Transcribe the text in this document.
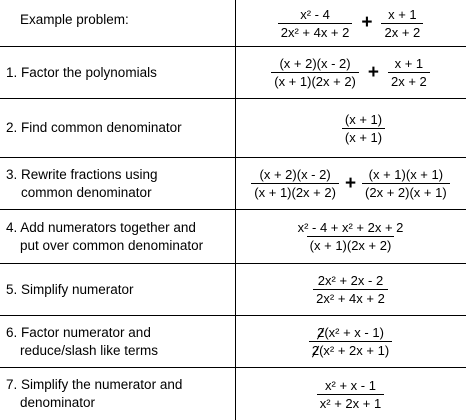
Example problem:	$\frac{\text{x² - 4}}{\text{2x² + 4x + 2}} + \frac{x + 1}{2x + 2}$
1. Factor the polynomials	$\frac{(x + 2)(x - 2)}{(x + 1)(2x + 2)} + \frac{x + 1}{2x + 2}$
2. Find common denominator	$\frac{(x + 1)}{(x + 1)}$
3. Rewrite fractions using
common denominator	$\frac{(x + 2)(x - 2)}{(x + 1)(2x + 2)} + \frac{(x + 1)(x + 1)}{(2x + 2)(x + 1)}$
4. Add numerators together and
put over common denominator	$\frac{\text{x² - 4 + x² + 2x + 2}}{(x + 1)(2x + 2)}$
5. Simplify numerator	$\frac{\text{2x² + 2x - 2}}{\text{2x² + 4x + 2}}$
6. Factor numerator and
reduce/slash like terms	$\frac{\text{2(x² + x - 1)}}{\text{2(x² + 2x + 1)}}$
7. Simplify the numerator and
denominator	$\frac{\text{x² + x - 1}}{\text{x² + 2x + 1}}$
